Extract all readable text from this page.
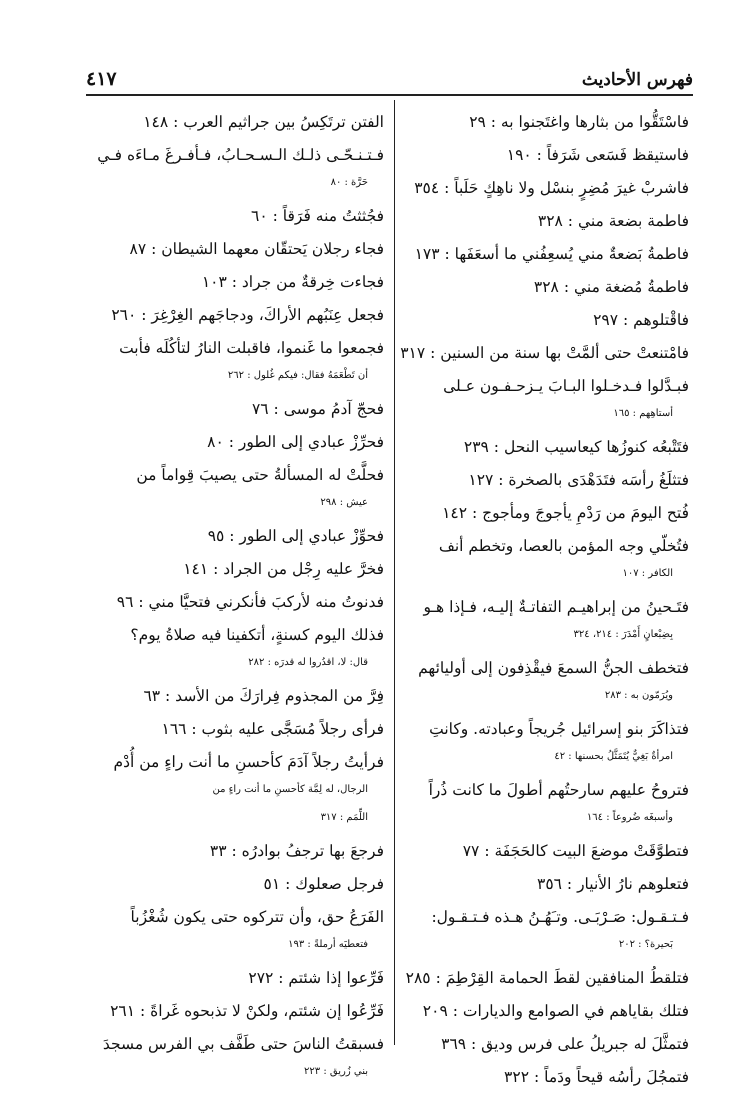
٤١٧	فهرس الأحاديث

فاسْتَقُّوا من بثارها واغتَجنوا به : ٢٩

فاستيقظ فَسَعى شَرَفاً : ١٩٠

فاشربْ غيرَ مُضِرٍ بنسْل ولا ناهِكٍ حَلَباً : ٣٥٤

فاطمة بضعة مني : ٣٢٨

فاطمةُ بَضعةٌ مني يُسعِفُني ما أسعَفَها : ١٧٣

فاطمةُ مُضغة مني : ٣٢٨

فاقْتلوهم : ٢٩٧

فامْتنعتْ حتى ألمَّتْ بها سنة من السنين : ٣١٧

فبـدَّلوا فـدخـلوا البـابَ يـزحـفـون عـلى
أستاهِهم : ١٦٥

فتَتْبعُه كنوزُها كيعاسيب النحل : ٢٣٩

فتثلَغُ رأسَه فتَدَهْدَى بالصخرة : ١٢٧

فُتح اليومَ من رَدْمِ يأجوجَ ومأجوج : ١٤٢

فتُخلّي وجه المؤمن بالعصا، وتخطم أنف
الكافر : ١٠٧

فتَـحينُ من إبراهيـم التفاتـةٌ إليـه، فـإذا هـو
بِضِبْعانٍ أَمْدَرَ : ٢١٤، ٣٢٤

فتخطف الجنُّ السمعَ فيقْذِفون إلى أوليائهم
ويُرَمّون به : ٢٨٣

فتذاكَرَ بنو إسرائيل جُريجاً وعبادته. وكانتِ
امرأةٌ بَغِيٌّ يُتَمَثَّلُ بحسنها : ٤٢

فتروحُ عليهم سارحتُهم أطولَ ما كانت ذُراً
وأسبغَه ضُروعاً : ١٦٤

فتطوَّقَتْ موضعَ البيت كالحَجَفَة : ٧٧

فتعلوهم نارُ الأنيار : ٣٥٦

فـتـقـول: صَـرْبَـى. وتـَهُـنُ هـذه فـتـقـول:
بَحيرة؟ : ٢٠٢

فتلقطُ المنافقين لقطَ الحمامة القِرْطِمَ : ٢٨٥

فتلك بقاياهم في الصوامع والديارات : ٢٠٩

فتمثَّلَ له جبريلُ على فرس وديق : ٣٦٩

فتمجُلَ رأسُه قيحاً ودَماً : ٣٢٢

الفتن ترتَكِسُ بين جراثيم العرب : ١٤٨

فـتـنـحّـى ذلـك الـسـحـابُ، فـأفـرغَ مـاءَه فـي
حَرَّة : ٨٠

فجُثثتُ منه فَرَقاً : ٦٠

فجاء رجلان يَحتقّان معهما الشيطان : ٨٧

فجاءت خِرقةٌ من جراد : ١٠٣

فجعل عِنَبُهم الأراكَ، ودجاجَهم الغِرْغِرَ : ٢٦٠

فجمعوا ما غَنموا، فاقبلت النارُ لتأكُلَه فأبت
أن تَطْعَمَهُ فقال: فيكم غُلول : ٢٦٢

فحجّ آدمُ موسى : ٧٦

فحرِّزْ عبادي إلى الطور : ٨٠

فحلَّتْ له المسألةُ حتى يصيبَ قِواماً من
عيش : ٢٩٨

فحوِّزْ عبادي إلى الطور : ٩٥

فخرَّ عليه رِجْل من الجراد : ١٤١

فدنوتُ منه لأركبَ فأنكرني فتحيَّا مني : ٩٦

فذلك اليوم كسنةٍ، أتكفينا فيه صلاةُ يوم؟
قال: لا، اقدُروا له قدرَه : ٢٨٢

فِرَّ من المجذوم فِرارَكَ من الأسد : ٦٣

فرأى رجلاً مُسَجَّى عليه بثوب : ١٦٦

فرأيتُ رجلاً آدَمَ كأحسنِ ما أنت راءٍ من أُدْم
الرجال، له لِمَّة كأحسنِ ما أنت راءٍ من
اللِّمَم : ٣١٧

فرجعَ بها ترجفُ بوادرُه : ٣٣

فرجل صعلوك : ٥١

الفَرَعُ حق، وأن تتركوه حتى يكون شُغْزُباً
فتعطيَه أرملةً : ١٩٣

فَرِّعوا إذا شئتم : ٢٧٢

فَرِّعُوا إن شئتم، ولكنْ لا تذبحوه غَراةً : ٢٦١

فسبقتُ الناسَ حتى طَفَّف بي الفرس مسجدَ
بني زُريق : ٢٢٣
